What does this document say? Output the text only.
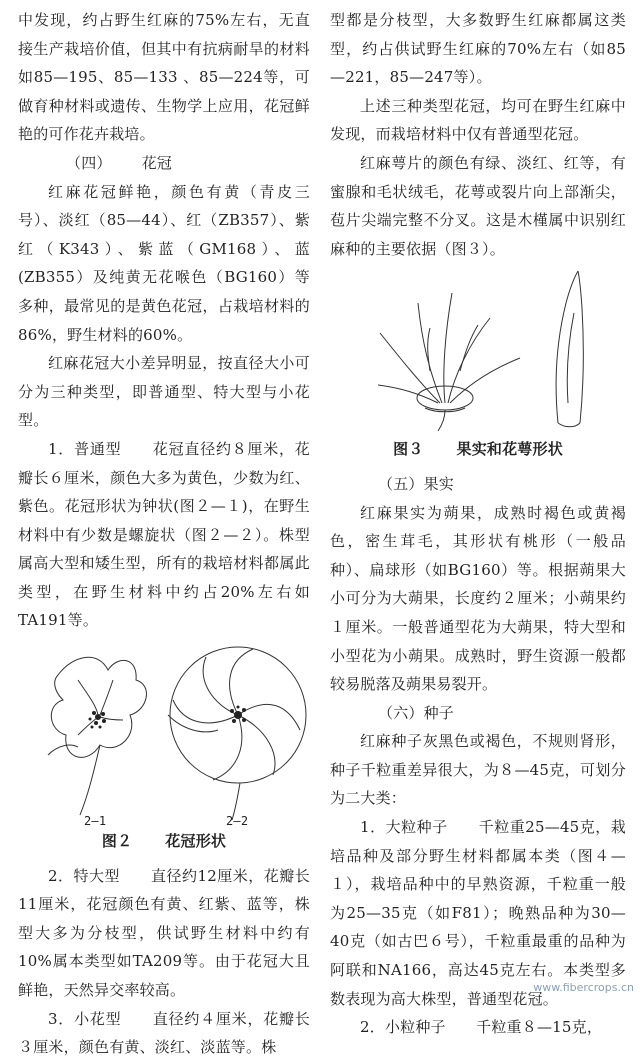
中发现，约占野生红麻的75%左右，无直接生产栽培价值，但其中有抗病耐旱的材料如85—195、85—133 、85—224等，可做育种材料或遗传、生物学上应用，花冠鲜艳的可作花卉栽培。

（四） 花冠

红麻花冠鲜艳，颜色有黄（青皮三号）、淡红（85—44）、红（ZB357）、紫红（K343）、紫蓝（GM168）、蓝(ZB355）及纯黄无花喉色（BG160）等多种，最常见的是黄色花冠，占栽培材料的86%，野生材料的60%。

红麻花冠大小差异明显，按直径大小可分为三种类型，即普通型、特大型与小花型。

1．普通型　　花冠直径约８厘米，花瓣长６厘米，颜色大多为黄色，少数为红、紫色。花冠形状为钟状(图２—１)，在野生材料中有少数是螺旋状（图２—２）。株型属高大型和矮生型，所有的栽培材料都属此类型，在野生材料中约占20%左右如TA191等。

2—1	2—2
图２ 花冠形状

2．特大型　　直径约12厘米，花瓣长11厘米，花冠颜色有黄、红紫、蓝等，株型大多为分枝型，供试野生材料中约有10%属本类型如TA209等。由于花冠大且鲜艳，天然异交率较高。

3．小花型　　直径约４厘米，花瓣长３厘米，颜色有黄、淡红、淡蓝等。株

型都是分枝型，大多数野生红麻都属这类型，约占供试野生红麻的70%左右（如85—221，85—247等）。

上述三种类型花冠，均可在野生红麻中发现，而栽培材料中仅有普通型花冠。

红麻萼片的颜色有绿、淡红、红等，有蜜腺和毛状绒毛，花萼或裂片向上部渐尖，苞片尖端完整不分叉。这是木槿属中识别红麻种的主要依据（图３）。

图３ 果实和花萼形状

（五）果实

红麻果实为蒴果，成熟时褐色或黄褐色，密生茸毛，其形状有桃形（一般品种）、扁球形（如BG160）等。根据蒴果大小可分为大蒴果，长度约２厘米；小蒴果约１厘米。一般普通型花为大蒴果，特大型和小型花为小蒴果。成熟时，野生资源一般都较易脱落及蒴果易裂开。

（六）种子

红麻种子灰黑色或褐色，不规则肾形，种子千粒重差异很大，为８—45克，可划分为二大类：

1．大粒种子　　千粒重25—45克，栽培品种及部分野生材料都属本类（图４—１），栽培品种中的早熟资源，千粒重一般为25—35克（如F81）；晚熟品种为30—40克（如古巴６号），千粒重最重的品种为阿联和NA166，高达45克左右。本类型多数表现为高大株型，普通型花冠。

2．小粒种子　　千粒重８—15克，

www.fibercrops.cn
